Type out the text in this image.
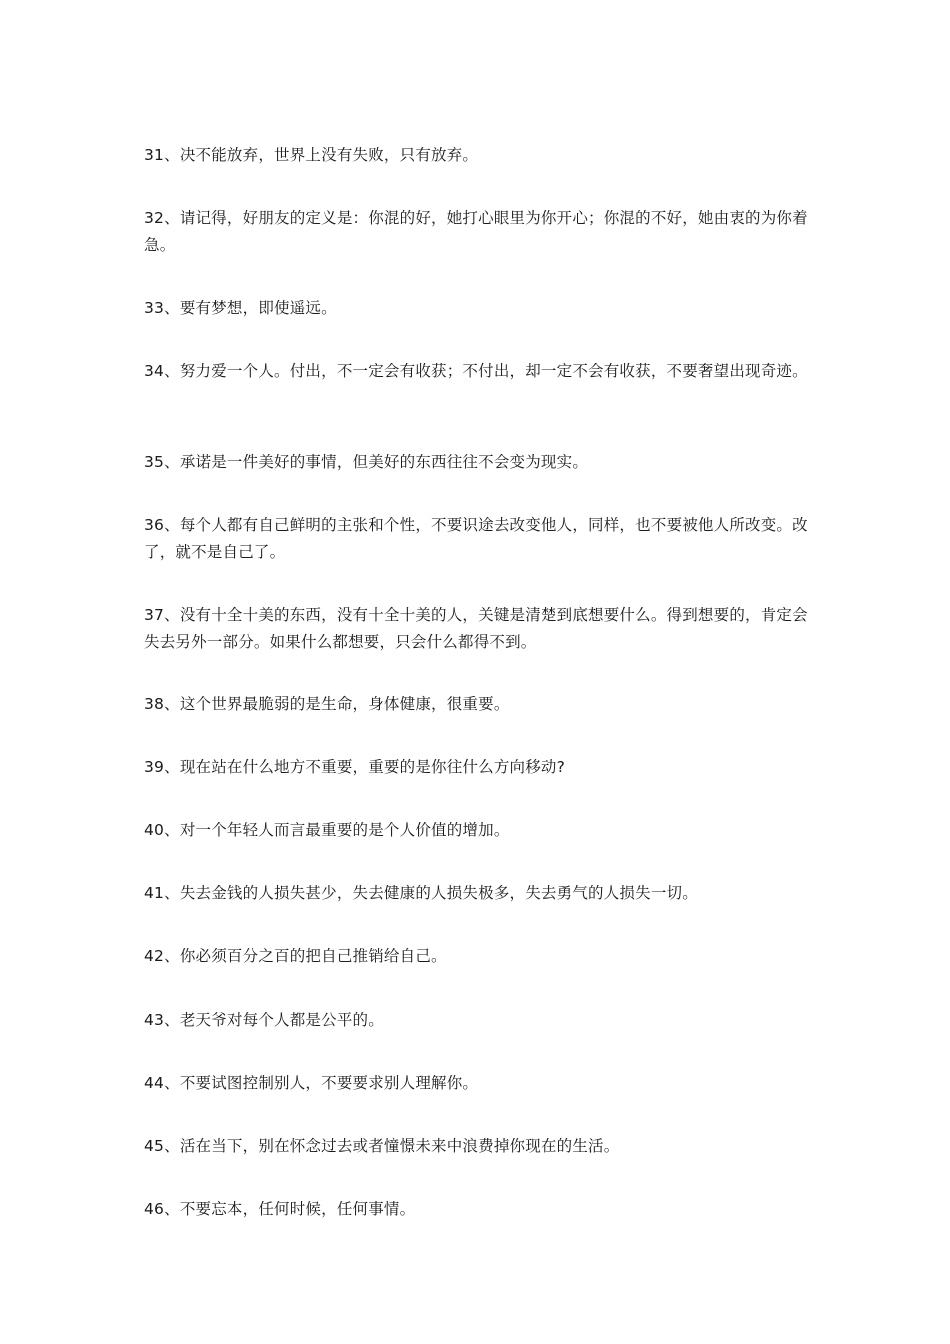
31、决不能放弃，世界上没有失败，只有放弃。

32、请记得，好朋友的定义是：你混的好，她打心眼里为你开心；你混的不好，她由衷的为你着急。

33、要有梦想，即使遥远。

34、努力爱一个人。付出，不一定会有收获；不付出，却一定不会有收获，不要奢望出现奇迹。

35、承诺是一件美好的事情，但美好的东西往往不会变为现实。

36、每个人都有自己鲜明的主张和个性，不要识途去改变他人，同样，也不要被他人所改变。改了，就不是自己了。

37、没有十全十美的东西，没有十全十美的人，关键是清楚到底想要什么。得到想要的，肯定会失去另外一部分。如果什么都想要，只会什么都得不到。

38、这个世界最脆弱的是生命，身体健康，很重要。

39、现在站在什么地方不重要，重要的是你往什么方向移动?

40、对一个年轻人而言最重要的是个人价值的增加。

41、失去金钱的人损失甚少，失去健康的人损失极多，失去勇气的人损失一切。

42、你必须百分之百的把自己推销给自己。

43、老天爷对每个人都是公平的。

44、不要试图控制别人，不要要求别人理解你。

45、活在当下，别在怀念过去或者憧憬未来中浪费掉你现在的生活。

46、不要忘本，任何时候，任何事情。
